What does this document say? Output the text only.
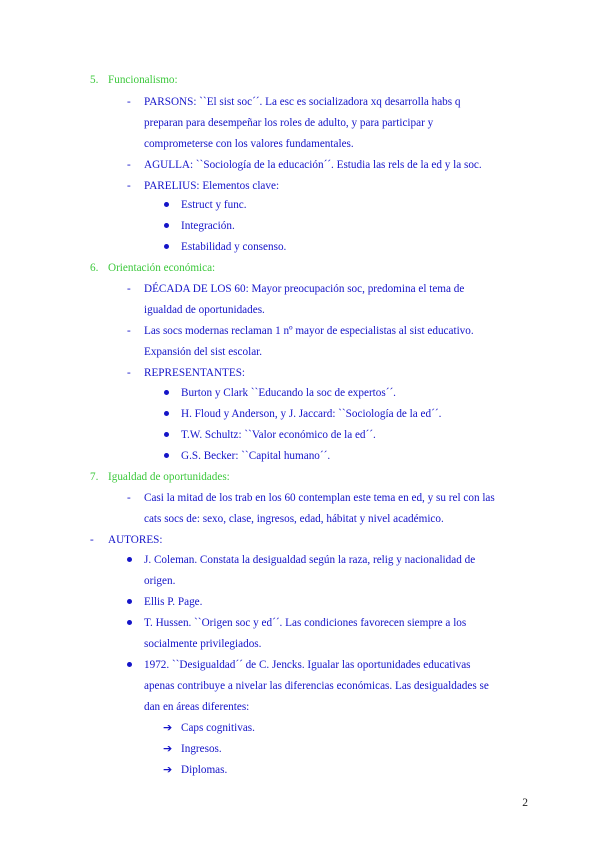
5. Funcionalismo:
- PARSONS: ``El sist soc´´. La esc es socializadora xq desarrolla habs q
preparan para desempeñar los roles de adulto, y para participar y
comprometerse con los valores fundamentales.
- AGULLA: ``Sociología de la educación´´. Estudia las rels de la ed y la soc.
- PARELIUS: Elementos clave:
Estruct y func.
Integración.
Estabilidad y consenso.
6. Orientación económica:
- DÉCADA DE LOS 60: Mayor preocupación soc, predomina el tema de
igualdad de oportunidades.
- Las socs modernas reclaman 1 nº mayor de especialistas al sist educativo.
Expansión del sist escolar.
- REPRESENTANTES:
Burton y Clark ``Educando la soc de expertos´´.
H. Floud y Anderson, y J. Jaccard: ``Sociología de la ed´´.
T.W. Schultz: ``Valor económico de la ed´´.
G.S. Becker: ``Capital humano´´.
7. Igualdad de oportunidades:
- Casi la mitad de los trab en los 60 contemplan este tema en ed, y su rel con las
cats socs de: sexo, clase, ingresos, edad, hábitat y nivel académico.
- AUTORES:
J. Coleman. Constata la desigualdad según la raza, relig y nacionalidad de
origen.
Ellis P. Page.
T. Hussen. ``Origen soc y ed´´. Las condiciones favorecen siempre a los
socialmente privilegiados.
1972. ``Desigualdad´´ de C. Jencks. Igualar las oportunidades educativas
apenas contribuye a nivelar las diferencias económicas. Las desigualdades se
dan en áreas diferentes:
➔ Caps cognitivas.
➔ Ingresos.
➔ Diplomas.
2
